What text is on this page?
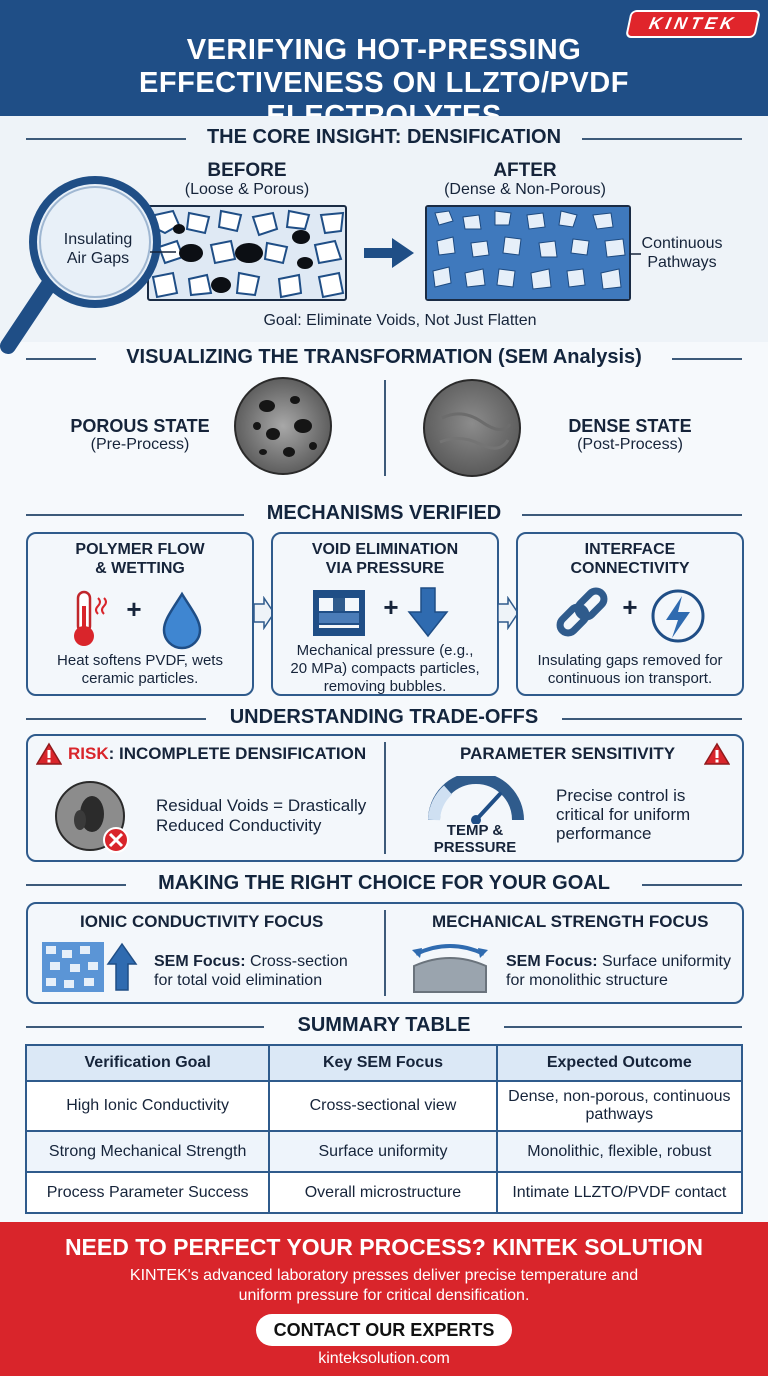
VERIFYING HOT-PRESSING
EFFECTIVENESS ON LLZTO/PVDF
KINTEK
THE CORE INSIGHT: DENSIFICATION
BEFORE
(Loose & Porous)
AFTER
(Dense & Non-Porous)
Insulating
Air Gaps
Continuous
Pathways
Goal: Eliminate Voids, Not Just Flatten
VISUALIZING THE TRANSFORMATION (SEM Analysis)
POROUS STATE
(Pre-Process)
DENSE STATE
(Post-Process)
MECHANISMS VERIFIED
POLYMER FLOW
& WETTING
+
Heat softens PVDF, wets
ceramic particles.
VOID ELIMINATION
VIA PRESSURE
+
Mechanical pressure (e.g.,
20 MPa) compacts particles,
removing bubbles.
INTERFACE
CONNECTIVITY
+
Insulating gaps removed for
continuous ion transport.
UNDERSTANDING TRADE-OFFS
RISK: INCOMPLETE DENSIFICATION
Residual Voids = Drastically
Reduced Conductivity
PARAMETER SENSITIVITY
TEMP &
PRESSURE
Precise control is
critical for uniform
performance
MAKING THE RIGHT CHOICE FOR YOUR GOAL
IONIC CONDUCTIVITY FOCUS
SEM Focus: Cross-section
for total void elimination
MECHANICAL STRENGTH FOCUS
SEM Focus: Surface uniformity
for monolithic structure
SUMMARY TABLE
Verification Goal	Key SEM Focus	Expected Outcome
High Ionic Conductivity	Cross-sectional view	Dense, non-porous, continuous pathways
Strong Mechanical Strength	Surface uniformity	Monolithic, flexible, robust
Process Parameter Success	Overall microstructure	Intimate LLZTO/PVDF contact
NEED TO PERFECT YOUR PROCESS? KINTEK SOLUTION
KINTEK's advanced laboratory presses deliver precise temperature and
uniform pressure for critical densification.
kinteksolution.com
CONTACT OUR EXPERTS
